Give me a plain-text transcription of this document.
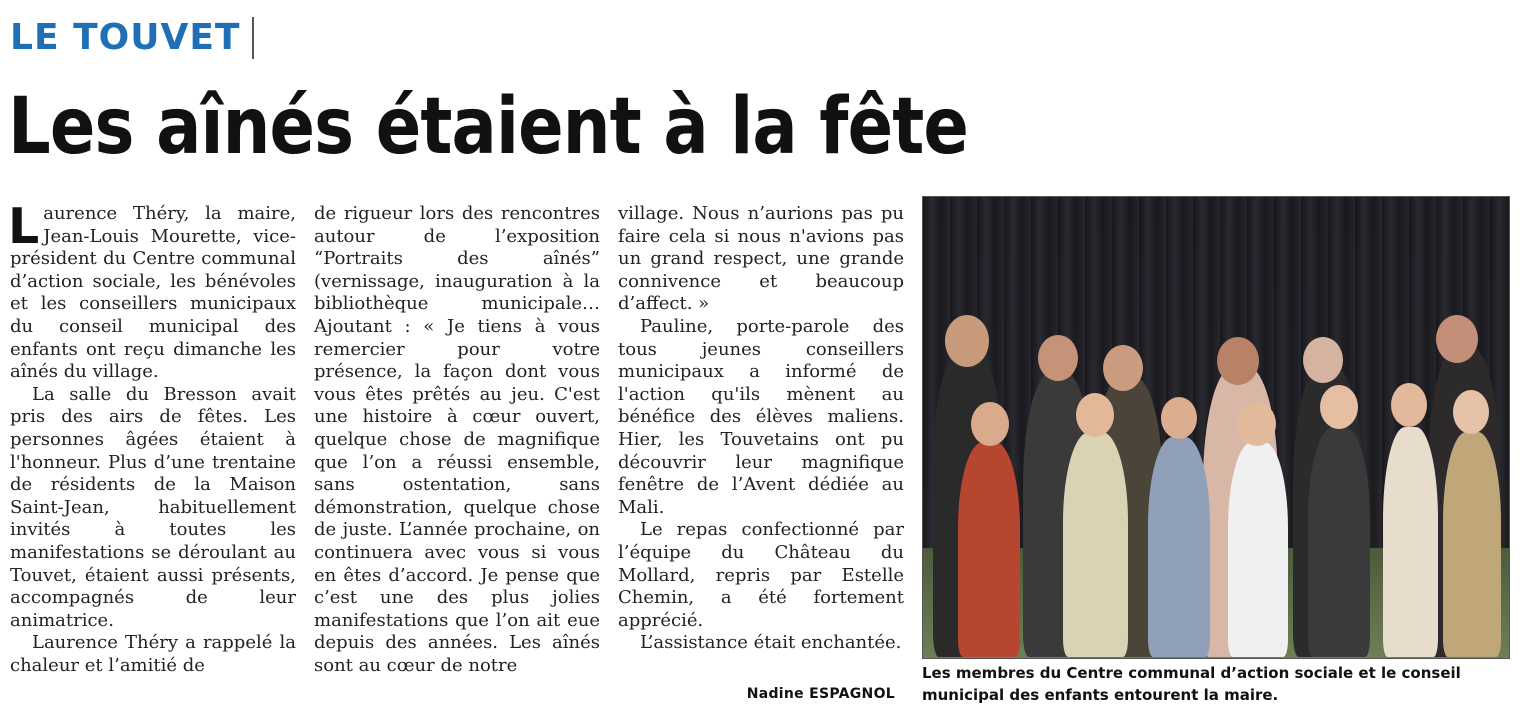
LE TOUVET
Les aînés étaient à la fête

L aurence Théry, la maire, Jean-Louis Mourette, vice-président du Centre communal d’action sociale, les bénévoles et les conseillers municipaux du conseil municipal des enfants ont reçu dimanche les aînés du village.

La salle du Bresson avait pris des airs de fêtes. Les personnes âgées étaient à l'honneur. Plus d’une trentaine de résidents de la Maison Saint-Jean, habituellement invités à toutes les manifestations se déroulant au Touvet, étaient aussi présents, accompagnés de leur animatrice.

Laurence Théry a rappelé la chaleur et l’amitié de

de rigueur lors des rencontres autour de l’exposition “Portraits des aînés” (vernissage, inauguration à la bibliothèque municipale… Ajoutant : « Je tiens à vous remercier pour votre présence, la façon dont vous vous êtes prêtés au jeu. C'est une histoire à cœur ouvert, quelque chose de magnifique que l’on a réussi ensemble, sans ostentation, sans démonstration, quelque chose de juste. L’année prochaine, on continuera avec vous si vous en êtes d’accord. Je pense que c’est une des plus jolies manifestations que l’on ait eue depuis des années. Les aînés sont au cœur de notre

village. Nous n’aurions pas pu faire cela si nous n'avions pas un grand respect, une grande connivence et beaucoup d’affect. »

Pauline, porte-parole des tous jeunes conseillers municipaux a informé de l'action qu'ils mènent au bénéfice des élèves maliens. Hier, les Touvetains ont pu découvrir leur magnifique fenêtre de l’Avent dédiée au Mali.

Le repas confectionné par l’équipe du Château du Mollard, repris par Estelle Chemin, a été fortement apprécié.

L’assistance était enchantée.

Nadine ESPAGNOL
Les membres du Centre communal d’action sociale et le conseil municipal des enfants entourent la maire.
